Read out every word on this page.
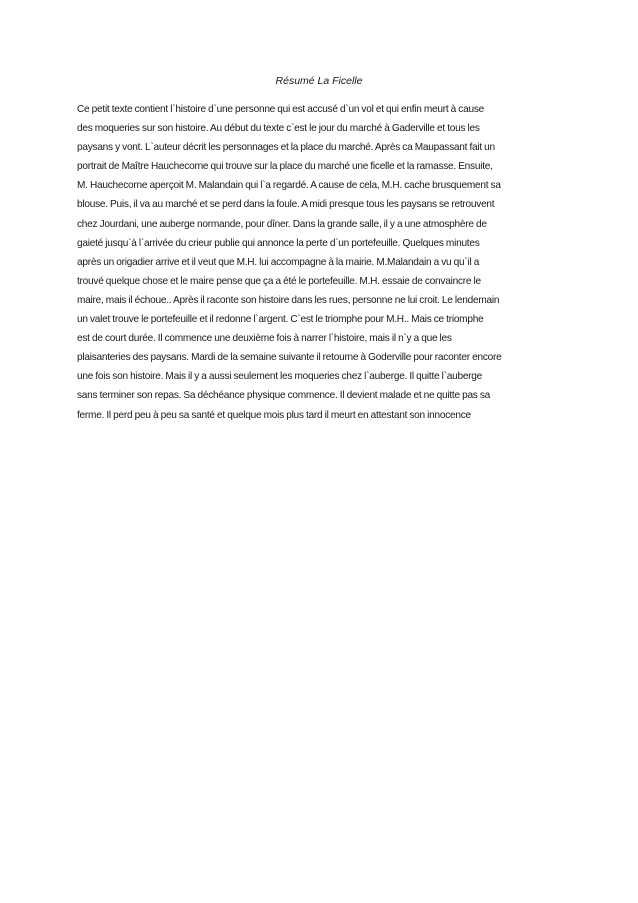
Résumé La Ficelle
Ce petit texte contient l`histoire d`une personne qui est accusé d`un vol et qui enfin meurt à cause
des moqueries sur son histoire. Au début du texte c`est le jour du marché à Gaderville et tous les
paysans y vont. L`auteur décrit les personnages et la place du marché. Après ca Maupassant fait un
portrait de Maître Hauchecorne qui trouve sur la place du marché une ficelle et la ramasse. Ensuite,
M. Hauchecorne aperçoit M. Malandain qui l`a regardé. A cause de cela, M.H. cache brusquement sa
blouse. Puis, il va au marché et se perd dans la foule. A midi presque tous les paysans se retrouvent
chez Jourdani, une auberge normande, pour dîner. Dans la grande salle, il y a une atmosphère de
gaieté jusqu`à l`arrivée du crieur publie qui annonce la perte d`un portefeuille. Quelques minutes
après un origadier arrive et il veut que M.H. lui accompagne à la mairie. M.Malandain a vu qu`il a
trouvé quelque chose et le maire pense que ça a été le portefeuille. M.H. essaie de convaincre le
maire, mais il échoue.. Après il raconte son histoire dans les rues, personne ne lui croit. Le lendemain
un valet trouve le portefeuille et il redonne l`argent. C`est le triomphe pour M.H.. Mais ce triomphe
est de court durée. Il commence une deuxième fois à narrer l`histoire, mais il n`y a que les
plaisanteries des paysans. Mardi de la semaine suivante il retourne à Goderville pour raconter encore
une fois son histoire. Mais il y a aussi seulement les moqueries chez l`auberge. Il quitte l`auberge
sans terminer son repas. Sa déchéance physique commence. Il devient malade et ne quitte pas sa
ferme. Il perd peu à peu sa santé et quelque mois plus tard il meurt en attestant son innocence
